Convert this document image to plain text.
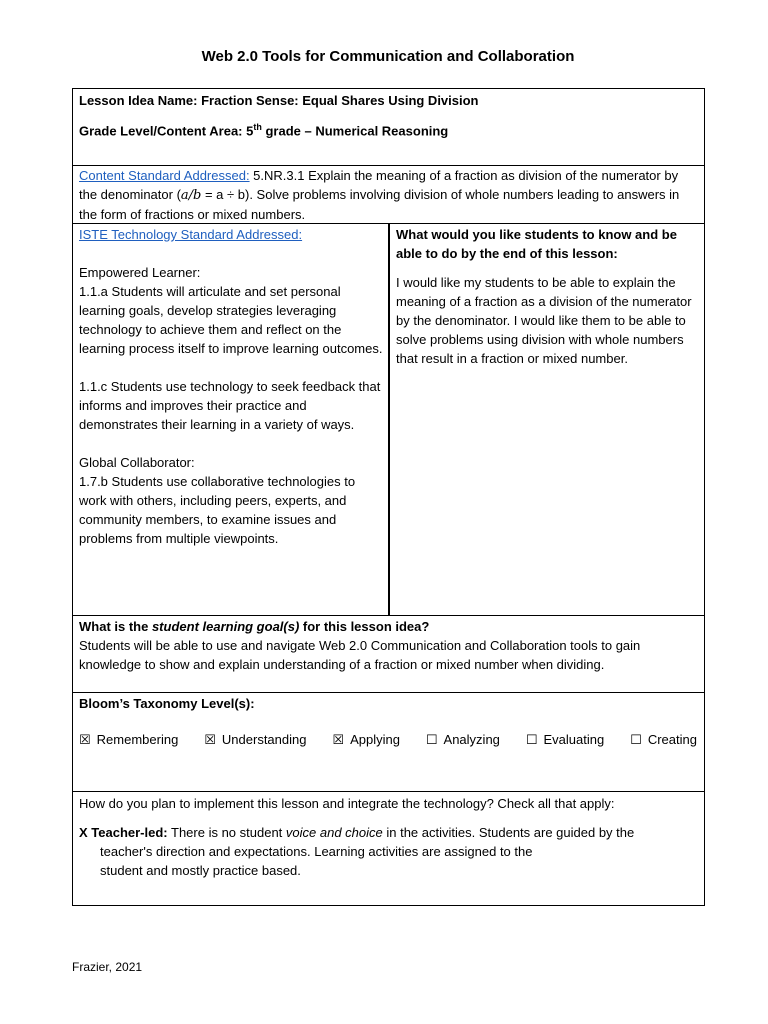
Web 2.0 Tools for Communication and Collaboration
Lesson Idea Name: Fraction Sense: Equal Shares Using Division
Grade Level/Content Area: 5th grade – Numerical Reasoning

Content Standard Addressed: 5.NR.3.1 Explain the meaning of a fraction as division of the numerator by the denominator (a/b = a ÷ b). Solve problems involving division of whole numbers leading to answers in the form of fractions or mixed numbers.

ISTE Technology Standard Addressed:
Empowered Learner:

1.1.a Students will articulate and set personal learning goals, develop strategies leveraging technology to achieve them and reflect on the learning process itself to improve learning outcomes.

1.1.c Students use technology to seek feedback that informs and improves their practice and demonstrates their learning in a variety of ways.

Global Collaborator:

1.7.b Students use collaborative technologies to work with others, including peers, experts, and community members, to examine issues and problems from multiple viewpoints.

What would you like students to know and be able to do by the end of this lesson:

I would like my students to be able to explain the meaning of a fraction as a division of the numerator by the denominator. I would like them to be able to solve problems using division with whole numbers that result in a fraction or mixed number.

What is the student learning goal(s) for this lesson idea?

Students will be able to use and navigate Web 2.0 Communication and Collaboration tools to gain knowledge to show and explain understanding of a fraction or mixed number when dividing.

Bloom’s Taxonomy Level(s):
☒ Remembering ☒ Understanding ☒ Applying ☐ Analyzing ☐ Evaluating ☐ Creating
How do you plan to implement this lesson and integrate the technology? Check all that apply:
X Teacher-led: There is no student voice and choice in the activities. Students are guided by the
teacher's direction and expectations. Learning activities are assigned to the
student and mostly practice based.
Frazier, 2021
